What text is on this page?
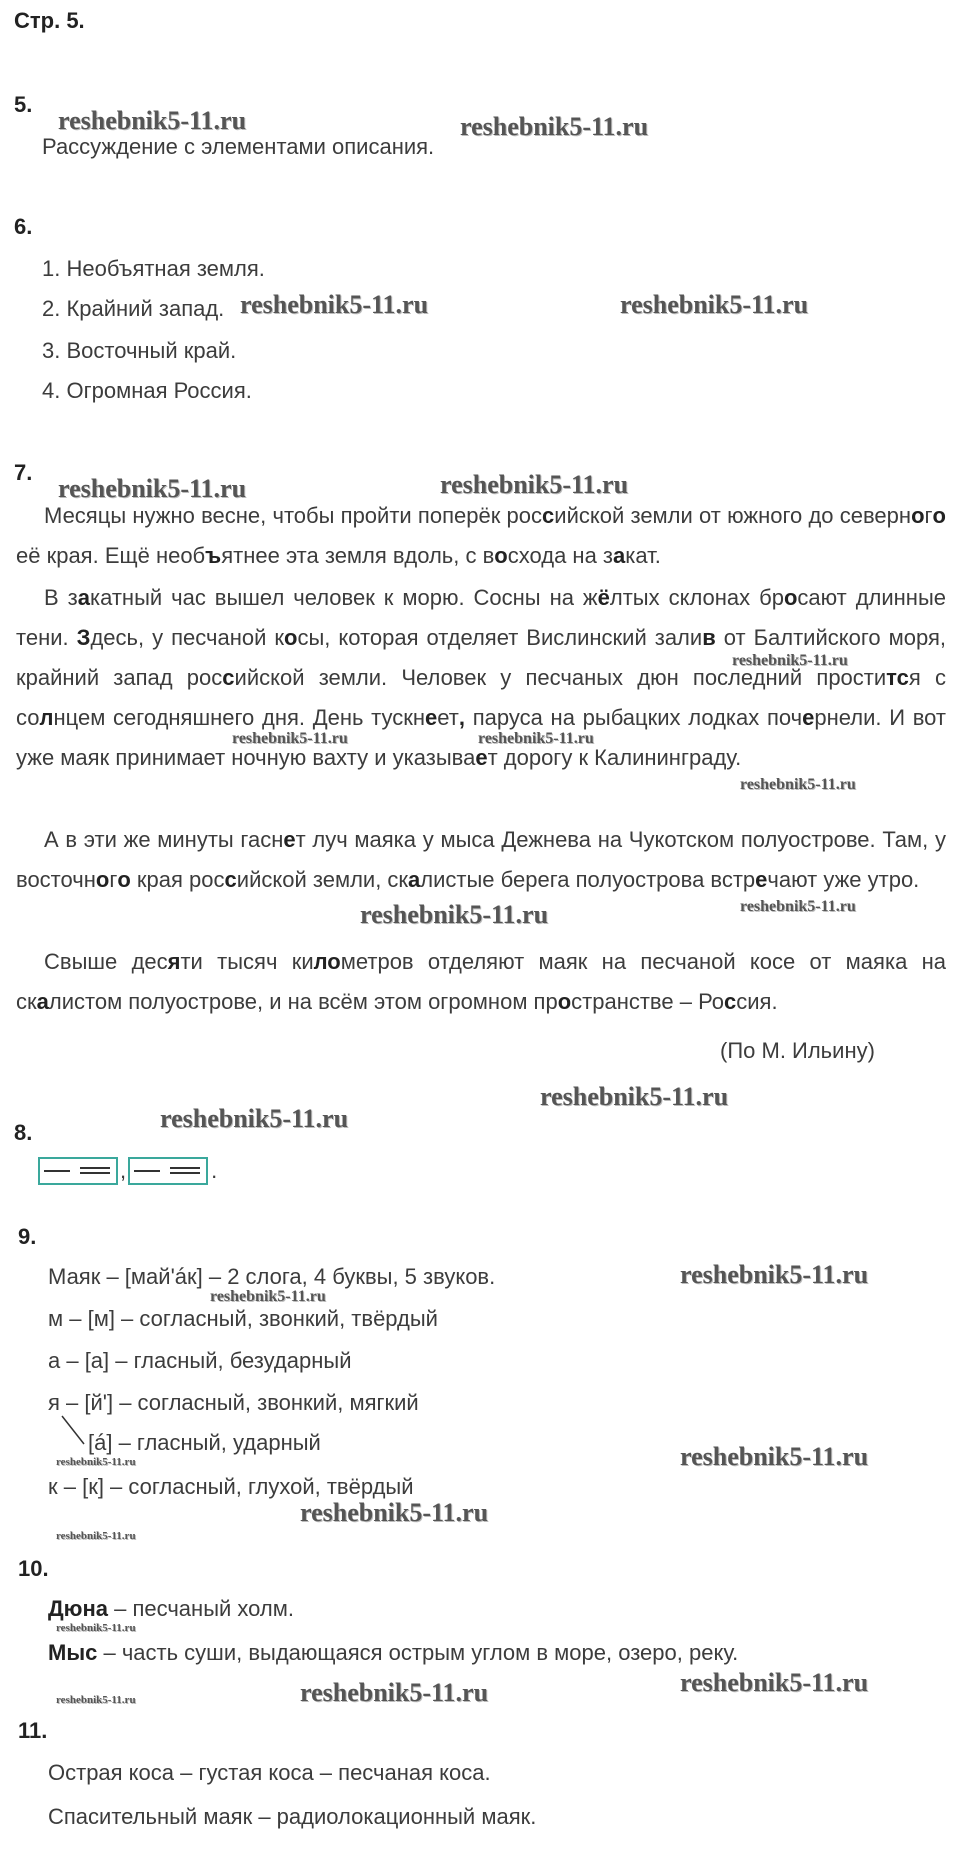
Стр. 5.
5.
reshebnik5-11.ru	reshebnik5-11.ru
Рассуждение с элементами описания.
6.
1. Необъятная земля.
2. Крайний запад. reshebnik5-11.ru	reshebnik5-11.ru
3. Восточный край.
4. Огромная Россия.
7.
reshebnik5-11.ru	reshebnik5-11.ru
Месяцы нужно весне, чтобы пройти поперёк российской земли от южного до северного её края. Ещё необъятнее эта земля вдоль, с восхода на закат.
В закатный час вышел человек к морю. Сосны на жёлтых склонах бросают длинные тени. Здесь, у песчаной косы, которая отделяет Вислинский залив от Балтийского моря, крайний запад российской земли. Человек у песчаных дюн последний простится с солнцем сегодняшнего дня. День тускнеет, паруса на рыбацких лодках почернели. И вот уже маяк принимает ночную вахту и указывает дорогу к Калининграду.
reshebnik5-11.ru
reshebnik5-11.ru	reshebnik5-11.ru
reshebnik5-11.ru
А в эти же минуты гаснет луч маяка у мыса Дежнева на Чукотском полуострове. Там, у восточного края российской земли, скалистые берега полуострова встречают уже утро.
reshebnik5-11.ru	reshebnik5-11.ru
Свыше десяти тысяч километров отделяют маяк на песчаной косе от маяка на скалистом полуострове, и на всём этом огромном пространстве – Россия.
(По М. Ильину)
reshebnik5-11.ru
reshebnik5-11.ru
8.
,	.
9.
Маяк – [май'áк] – 2 слога, 4 буквы, 5 звуков.	reshebnik5-11.ru
reshebnik5-11.ru
м – [м] – согласный, звонкий, твёрдый
а – [а] – гласный, безударный
я – [й'] – согласный, звонкий, мягкий
[á] – гласный, ударный
reshebnik5-11.ru	reshebnik5-11.ru
к – [к] – согласный, глухой, твёрдый
reshebnik5-11.ru
reshebnik5-11.ru
10.
Дюна – песчаный холм.
reshebnik5-11.ru
Мыс – часть суши, выдающаяся острым углом в море, озеро, реку.
reshebnik5-11.ru
reshebnik5-11.ru
reshebnik5-11.ru
11.
Острая коса – густая коса – песчаная коса.
Спасительный маяк – радиолокационный маяк.
